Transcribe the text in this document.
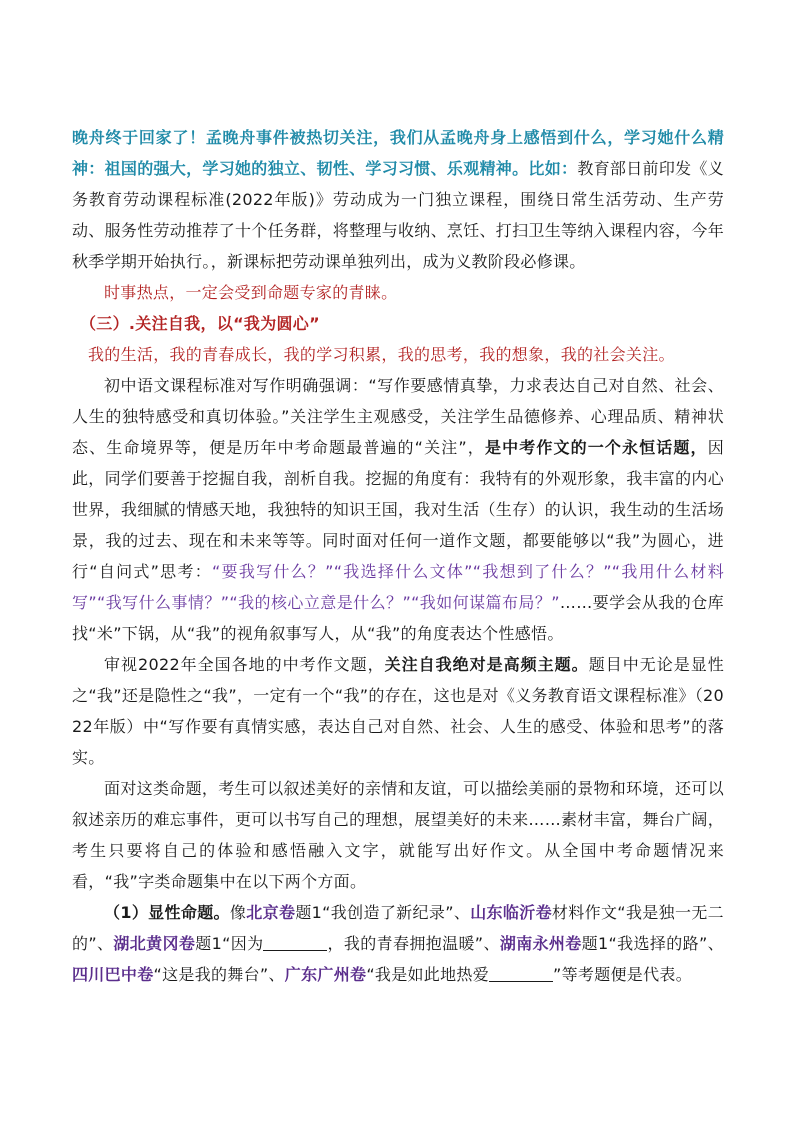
晚舟终于回家了！孟晚舟事件被热切关注，我们从孟晚舟身上感悟到什么，学习她什么精神：祖国的强大，学习她的独立、韧性、学习习惯、乐观精神。比如：教育部日前印发《义务教育劳动课程标准(2022年版)》劳动成为一门独立课程，围绕日常生活劳动、生产劳动、服务性劳动推荐了十个任务群，将整理与收纳、烹饪、打扫卫生等纳入课程内容，今年秋季学期开始执行。，新课标把劳动课单独列出，成为义教阶段必修课。

时事热点，一定会受到命题专家的青睐。

（三）.关注自我，以“我为圆心”

我的生活，我的青春成长，我的学习积累，我的思考，我的想象，我的社会关注。

初中语文课程标准对写作明确强调：“写作要感情真挚，力求表达自己对自然、社会、人生的独特感受和真切体验。”关注学生主观感受，关注学生品德修养、心理品质、精神状态、生命境界等，便是历年中考命题最普遍的“关注”，是中考作文的一个永恒话题，因此，同学们要善于挖掘自我，剖析自我。挖掘的角度有：我特有的外观形象，我丰富的内心世界，我细腻的情感天地，我独特的知识王国，我对生活（生存）的认识，我生动的生活场景，我的过去、现在和未来等等。同时面对任何一道作文题，都要能够以“我”为圆心，进行“自问式”思考：“要我写什么？”“我选择什么文体”“我想到了什么？”“我用什么材料写”“我写什么事情？”“我的核心立意是什么？”“我如何谋篇布局？”……要学会从我的仓库找“米”下锅，从“我”的视角叙事写人，从“我”的角度表达个性感悟。

审视2022年全国各地的中考作文题，关注自我绝对是高频主题。题目中无论是显性之“我”还是隐性之“我”，一定有一个“我”的存在，这也是对《义务教育语文课程标准》（2022年版）中“写作要有真情实感，表达自己对自然、社会、人生的感受、体验和思考”的落实。

面对这类命题，考生可以叙述美好的亲情和友谊，可以描绘美丽的景物和环境，还可以叙述亲历的难忘事件，更可以书写自己的理想，展望美好的未来……素材丰富，舞台广阔，考生只要将自己的体验和感悟融入文字，就能写出好作文。从全国中考命题情况来看，“我”字类命题集中在以下两个方面。

（1）显性命题。像北京卷题1“我创造了新纪录”、山东临沂卷材料作文“我是独一无二的”、湖北黄冈卷题1“因为	，我的青春拥抱温暖”、湖南永州卷题1“我选择的路”、四川巴中卷“这是我的舞台”、广东广州卷“我是如此地热爱	”等考题便是代表。
